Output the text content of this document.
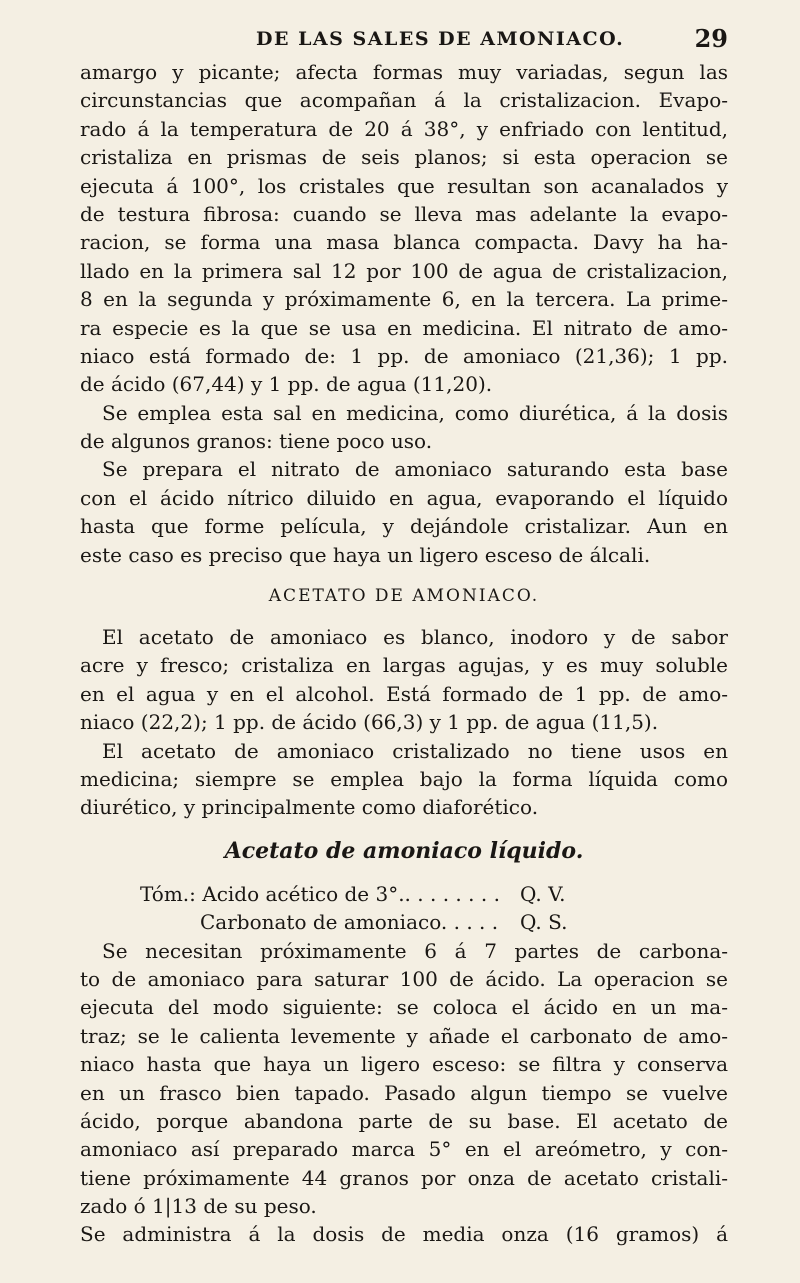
DE LAS SALES DE AMONIACO.	29
amargo y picante; afecta formas muy variadas, segun las
circunstancias que acompañan á la cristalizacion. Evapo-
rado á la temperatura de 20 á 38°, y enfriado con lentitud,
cristaliza en prismas de seis planos; si esta operacion se
ejecuta á 100°, los cristales que resultan son acanalados y
de testura fibrosa: cuando se lleva mas adelante la evapo-
racion, se forma una masa blanca compacta. Davy ha ha-
llado en la primera sal 12 por 100 de agua de cristalizacion,
8 en la segunda y próximamente 6, en la tercera. La prime-
ra especie es la que se usa en medicina. El nitrato de amo-
niaco está formado de: 1 pp. de amoniaco (21,36); 1 pp.
de ácido (67,44) y 1 pp. de agua (11,20).
Se emplea esta sal en medicina, como diurética, á la dosis
de algunos granos: tiene poco uso.
Se prepara el nitrato de amoniaco saturando esta base
con el ácido nítrico diluido en agua, evaporando el líquido
hasta que forme película, y dejándole cristalizar. Aun en
este caso es preciso que haya un ligero esceso de álcali.
ACETATO DE AMONIACO.
El acetato de amoniaco es blanco, inodoro y de sabor
acre y fresco; cristaliza en largas agujas, y es muy soluble
en el agua y en el alcohol. Está formado de 1 pp. de amo-
niaco (22,2); 1 pp. de ácido (66,3) y 1 pp. de agua (11,5).
El acetato de amoniaco cristalizado no tiene usos en
medicina; siempre se emplea bajo la forma líquida como
diurético, y principalmente como diaforético.
Acetato de amoniaco líquido.
Tóm.: Acido acético de 3°.. . . . . . . . Q. V.
Carbonato de amoniaco. . . . . Q. S.
Se necesitan próximamente 6 á 7 partes de carbona-
to de amoniaco para saturar 100 de ácido. La operacion se
ejecuta del modo siguiente: se coloca el ácido en un ma-
traz; se le calienta levemente y añade el carbonato de amo-
niaco hasta que haya un ligero esceso: se filtra y conserva
en un frasco bien tapado. Pasado algun tiempo se vuelve
ácido, porque abandona parte de su base. El acetato de
amoniaco así preparado marca 5° en el areómetro, y con-
tiene próximamente 44 granos por onza de acetato cristali-
zado ó 1|13 de su peso.
Se administra á la dosis de media onza (16 gramos) á
